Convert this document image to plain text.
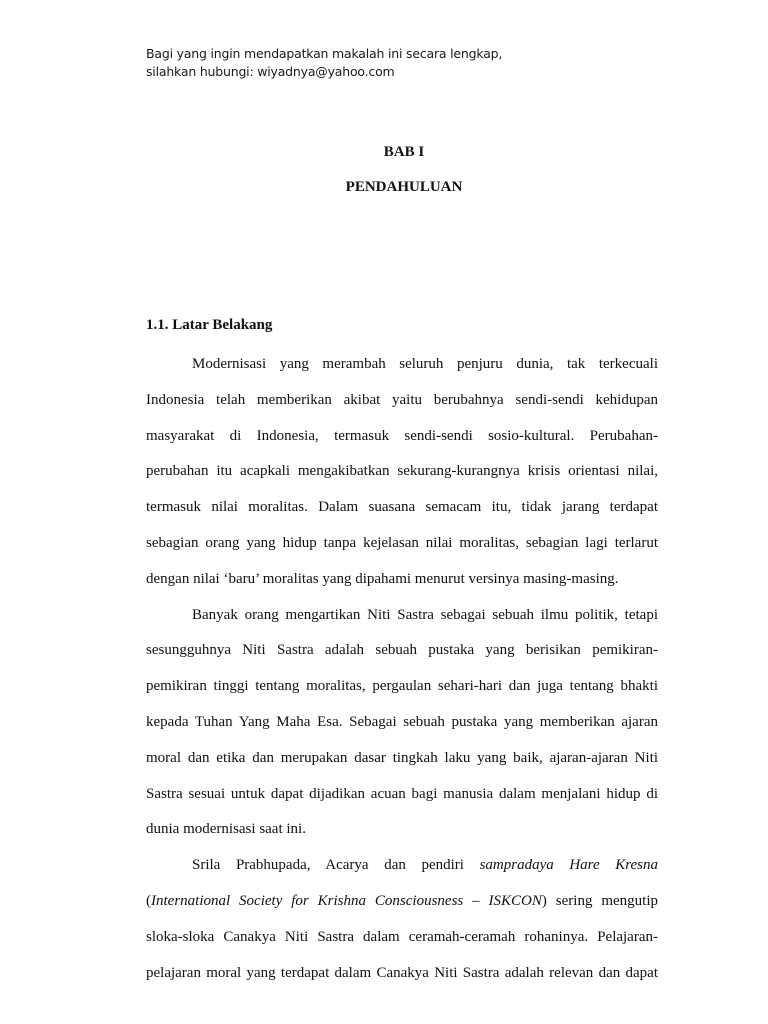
Bagi yang ingin mendapatkan makalah ini secara lengkap,
silahkan hubungi: wiyadnya@yahoo.com
BAB I
PENDAHULUAN
1.1. Latar Belakang
Modernisasi yang merambah seluruh penjuru dunia, tak terkecuali
Indonesia telah memberikan akibat yaitu berubahnya sendi-sendi kehidupan
masyarakat di Indonesia, termasuk sendi-sendi sosio-kultural. Perubahan-
perubahan itu acapkali mengakibatkan sekurang-kurangnya krisis orientasi nilai,
termasuk nilai moralitas. Dalam suasana semacam itu, tidak jarang terdapat
sebagian orang yang hidup tanpa kejelasan nilai moralitas, sebagian lagi terlarut
dengan nilai ‘baru’ moralitas yang dipahami menurut versinya masing-masing.
Banyak orang mengartikan Niti Sastra sebagai sebuah ilmu politik, tetapi
sesungguhnya Niti Sastra adalah sebuah pustaka yang berisikan pemikiran-
pemikiran tinggi tentang moralitas, pergaulan sehari-hari dan juga tentang bhakti
kepada Tuhan Yang Maha Esa. Sebagai sebuah pustaka yang memberikan ajaran
moral dan etika dan merupakan dasar tingkah laku yang baik, ajaran-ajaran Niti
Sastra sesuai untuk dapat dijadikan acuan bagi manusia dalam menjalani hidup di
dunia modernisasi saat ini.
Srila Prabhupada, Acarya dan pendiri sampradaya Hare Kresna
(International Society for Krishna Consciousness – ISKCON) sering mengutip
sloka-sloka Canakya Niti Sastra dalam ceramah-ceramah rohaninya. Pelajaran-
pelajaran moral yang terdapat dalam Canakya Niti Sastra adalah relevan dan dapat
